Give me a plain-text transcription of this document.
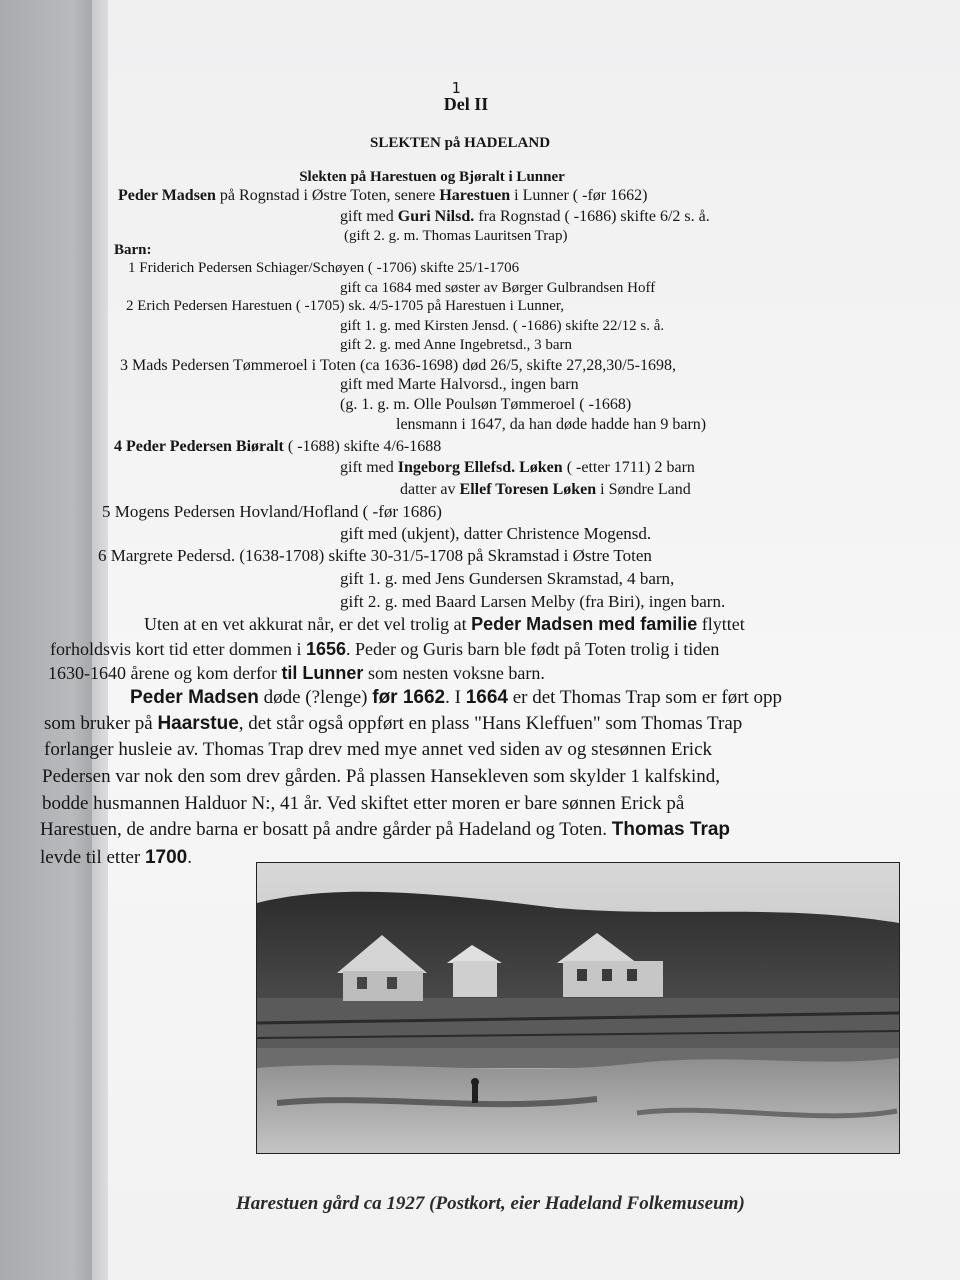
1
Del II
SLEKTEN på HADELAND
Slekten på Harestuen og Bjøralt i Lunner
Peder Madsen på Rognstad i Østre Toten, senere Harestuen i Lunner ( -før 1662)
gift med Guri Nilsd. fra Rognstad ( -1686) skifte 6/2 s. å.
(gift 2. g. m. Thomas Lauritsen Trap)
Barn:
1 Friderich Pedersen Schiager/Schøyen ( -1706) skifte 25/1-1706
gift ca 1684 med søster av Børger Gulbrandsen Hoff
2 Erich Pedersen Harestuen ( -1705) sk. 4/5-1705 på Harestuen i Lunner,
gift 1. g. med Kirsten Jensd. ( -1686) skifte 22/12 s. å.
gift 2. g. med Anne Ingebretsd., 3 barn
3 Mads Pedersen Tømmeroel i Toten (ca 1636-1698) død 26/5, skifte 27,28,30/5-1698,
gift med Marte Halvorsd., ingen barn
(g. 1. g. m. Olle Poulsøn Tømmeroel ( -1668)
lensmann i 1647, da han døde hadde han 9 barn)
4 Peder Pedersen Biøralt ( -1688) skifte 4/6-1688
gift med Ingeborg Ellefsd. Løken ( -etter 1711) 2 barn
datter av Ellef Toresen Løken i Søndre Land
5 Mogens Pedersen Hovland/Hofland ( -før 1686)
gift med (ukjent), datter Christence Mogensd.
6 Margrete Pedersd. (1638-1708) skifte 30-31/5-1708 på Skramstad i Østre Toten
gift 1. g. med Jens Gundersen Skramstad, 4 barn,
gift 2. g. med Baard Larsen Melby (fra Biri), ingen barn.
Uten at en vet akkurat når, er det vel trolig at Peder Madsen med familie flyttet
forholdsvis kort tid etter dommen i 1656. Peder og Guris barn ble født på Toten trolig i tiden
1630-1640 årene og kom derfor til Lunner som nesten voksne barn.
Peder Madsen døde (?lenge) før 1662. I 1664 er det Thomas Trap som er ført opp
som bruker på Haarstue, det står også oppført en plass "Hans Kleffuen" som Thomas Trap
forlanger husleie av. Thomas Trap drev med mye annet ved siden av og stesønnen Erick
Pedersen var nok den som drev gården. På plassen Hansekleven som skylder 1 kalfskind,
bodde husmannen Halduor N:, 41 år. Ved skiftet etter moren er bare sønnen Erick på
Harestuen, de andre barna er bosatt på andre gårder på Hadeland og Toten. Thomas Trap
levde til etter 1700.
Harestuen gård ca 1927 (Postkort, eier Hadeland Folkemuseum)
